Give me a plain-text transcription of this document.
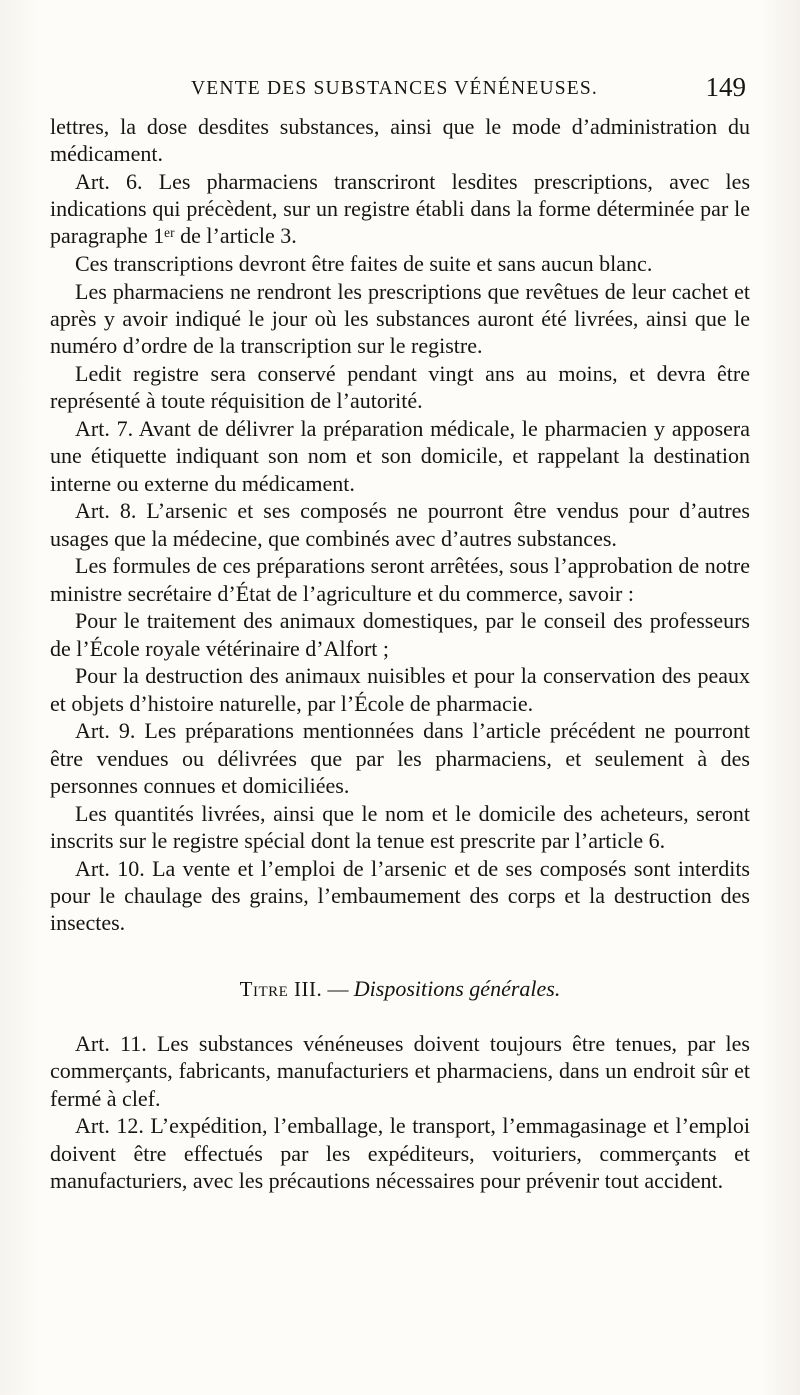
VENTE DES SUBSTANCES VÉNÉNEUSES.	149

lettres, la dose desdites substances, ainsi que le mode d’administration du médicament.

Art. 6. Les pharmaciens transcriront lesdites prescriptions, avec les indications qui précèdent, sur un registre établi dans la forme déterminée par le paragraphe 1ᵉʳ de l’article 3.

Ces transcriptions devront être faites de suite et sans aucun blanc.

Les pharmaciens ne rendront les prescriptions que revêtues de leur cachet et après y avoir indiqué le jour où les substances auront été livrées, ainsi que le numéro d’ordre de la transcription sur le registre.

Ledit registre sera conservé pendant vingt ans au moins, et devra être représenté à toute réquisition de l’autorité.

Art. 7. Avant de délivrer la préparation médicale, le pharmacien y apposera une étiquette indiquant son nom et son domicile, et rappelant la destination interne ou externe du médicament.

Art. 8. L’arsenic et ses composés ne pourront être vendus pour d’autres usages que la médecine, que combinés avec d’autres substances.

Les formules de ces préparations seront arrêtées, sous l’approbation de notre ministre secrétaire d’État de l’agriculture et du commerce, savoir :

Pour le traitement des animaux domestiques, par le conseil des professeurs de l’École royale vétérinaire d’Alfort ;

Pour la destruction des animaux nuisibles et pour la conservation des peaux et objets d’histoire naturelle, par l’École de pharmacie.

Art. 9. Les préparations mentionnées dans l’article précédent ne pourront être vendues ou délivrées que par les pharmaciens, et seulement à des personnes connues et domiciliées.

Les quantités livrées, ainsi que le nom et le domicile des acheteurs, seront inscrits sur le registre spécial dont la tenue est prescrite par l’article 6.

Art. 10. La vente et l’emploi de l’arsenic et de ses composés sont interdits pour le chaulage des grains, l’embaumement des corps et la destruction des insectes.

Titre III. — Dispositions générales.

Art. 11. Les substances vénéneuses doivent toujours être tenues, par les commerçants, fabricants, manufacturiers et pharmaciens, dans un endroit sûr et fermé à clef.

Art. 12. L’expédition, l’emballage, le transport, l’emmagasinage et l’emploi doivent être effectués par les expéditeurs, voituriers, commerçants et manufacturiers, avec les précautions nécessaires pour prévenir tout accident.
